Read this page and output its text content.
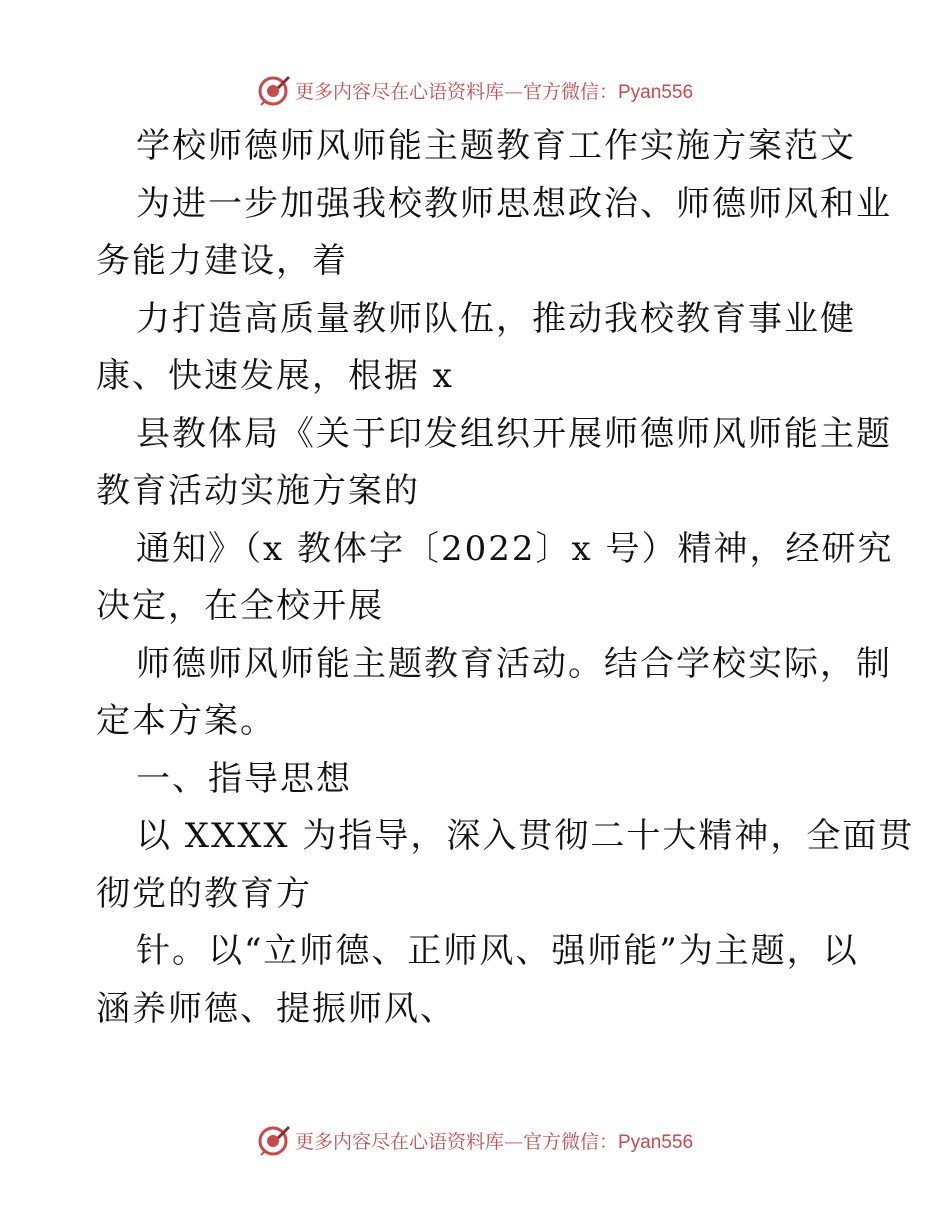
更多内容尽在心语资料库—官方微信：Pyan556
学校师德师风师能主题教育工作实施方案范文
为进一步加强我校教师思想政治、师德师风和业
务能力建设，着
力打造高质量教师队伍，推动我校教育事业健
康、快速发展，根据 x
县教体局《关于印发组织开展师德师风师能主题
教育活动实施方案的
通知》（x 教体字〔2022〕x 号）精神，经研究
决定，在全校开展
师德师风师能主题教育活动。结合学校实际，制
定本方案。
一、指导思想
以 XXXX 为指导，深入贯彻二十大精神，全面贯
彻党的教育方
针。以“立师德、正师风、强师能”为主题，以
涵养师德、提振师风、
更多内容尽在心语资料库—官方微信：Pyan556
